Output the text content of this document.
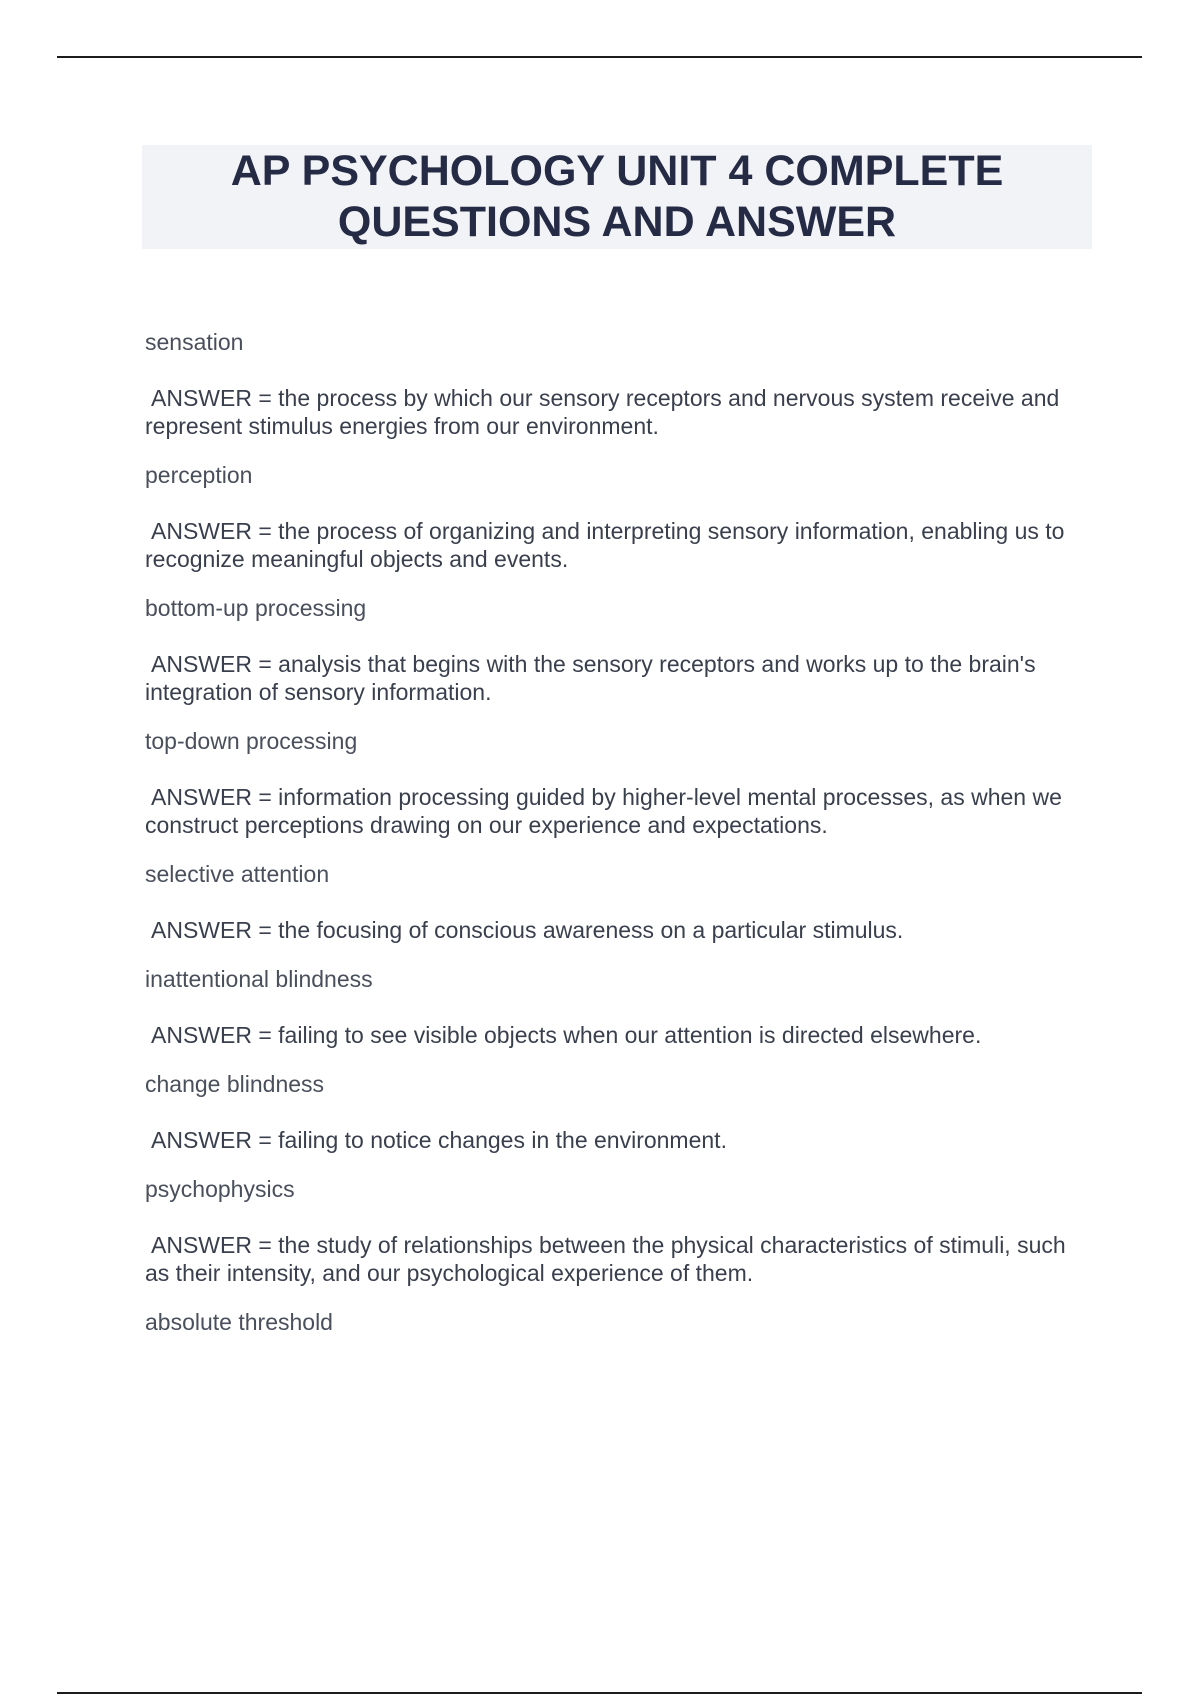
AP PSYCHOLOGY UNIT 4 COMPLETE QUESTIONS AND ANSWER

sensation

ANSWER = the process by which our sensory receptors and nervous system receive and represent stimulus energies from our environment.

perception

ANSWER = the process of organizing and interpreting sensory information, enabling us to recognize meaningful objects and events.

bottom-up processing

ANSWER = analysis that begins with the sensory receptors and works up to the brain's integration of sensory information.

top-down processing

ANSWER = information processing guided by higher-level mental processes, as when we construct perceptions drawing on our experience and expectations.

selective attention

ANSWER = the focusing of conscious awareness on a particular stimulus.

inattentional blindness

ANSWER = failing to see visible objects when our attention is directed elsewhere.

change blindness

ANSWER = failing to notice changes in the environment.

psychophysics

ANSWER = the study of relationships between the physical characteristics of stimuli, such as their intensity, and our psychological experience of them.

absolute threshold
